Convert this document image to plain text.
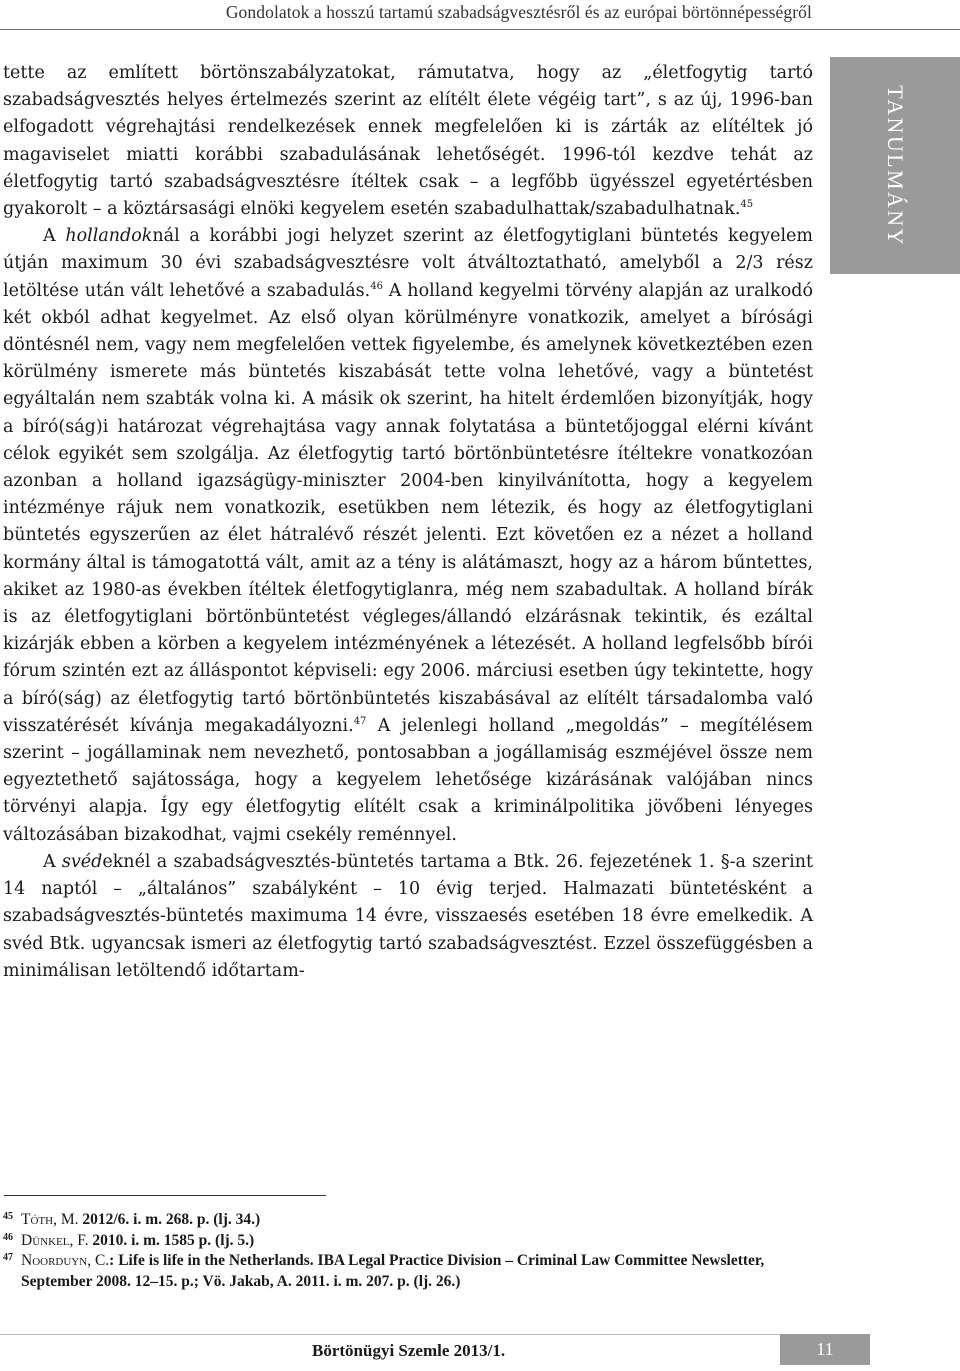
Gondolatok a hosszú tartamú szabadságvesztésről és az európai börtönnépességről
TANULMÁNY

tette az említett börtönszabályzatokat, rámutatva, hogy az „életfogytig tartó szabadságvesztés helyes értelmezés szerint az elítélt élete végéig tart”, s az új, 1996-ban elfogadott végrehajtási rendelkezések ennek megfelelően ki is zárták az elítéltek jó magaviselet miatti korábbi szabadulásának lehetőségét. 1996-tól kezdve tehát az életfogytig tartó szabadságvesztésre ítéltek csak – a legfőbb ügyésszel egyetértésben gyakorolt – a köztársasági elnöki kegyelem esetén szabadulhattak/szabadulhatnak.$^{45}$

A hollandoknál a korábbi jogi helyzet szerint az életfogytiglani büntetés kegyelem útján maximum 30 évi szabadságvesztésre volt átváltoztatható, amelyből a 2/3 rész letöltése után vált lehetővé a szabadulás.$^{46}$ A holland kegyelmi törvény alapján az uralkodó két okból adhat kegyelmet. Az első olyan körülményre vonatkozik, amelyet a bírósági döntésnél nem, vagy nem megfelelően vettek figyelembe, és amelynek következtében ezen körülmény ismerete más büntetés kiszabását tette volna lehetővé, vagy a büntetést egyáltalán nem szabták volna ki. A másik ok szerint, ha hitelt érdemlően bizonyítják, hogy a bíró(ság)i határozat végrehajtása vagy annak folytatása a büntetőjoggal elérni kívánt célok egyikét sem szolgálja. Az életfogytig tartó börtönbüntetésre ítéltekre vonatkozóan azonban a holland igazságügy-miniszter 2004-ben kinyilvánította, hogy a kegyelem intézménye rájuk nem vonatkozik, esetükben nem létezik, és hogy az életfogytiglani büntetés egyszerűen az élet hátralévő részét jelenti. Ezt követően ez a nézet a holland kormány által is támogatottá vált, amit az a tény is alátámaszt, hogy az a három bűntettes, akiket az 1980-as években ítéltek életfogytiglanra, még nem szabadultak. A holland bírák is az életfogytiglani börtönbüntetést végleges/állandó elzárásnak tekintik, és ezáltal kizárják ebben a körben a kegyelem intézményének a létezését. A holland legfelsőbb bírói fórum szintén ezt az álláspontot képviseli: egy 2006. márciusi esetben úgy tekintette, hogy a bíró(ság) az életfogytig tartó börtönbüntetés kiszabásával az elítélt társadalomba való visszatérését kívánja megakadályozni.$^{47}$ A jelenlegi holland „megoldás” – megítélésem szerint – jogállaminak nem nevezhető, pontosabban a jogállamiság eszméjével össze nem egyeztethető sajátossága, hogy a kegyelem lehetősége kizárásának valójában nincs törvényi alapja. Így egy életfogytig elítélt csak a kriminálpolitika jövőbeni lényeges változásában bizakodhat, vajmi csekély reménnyel.

A svédeknél a szabadságvesztés-büntetés tartama a Btk. 26. fejezetének 1. §-a szerint 14 naptól – „általános” szabályként – 10 évig terjed. Halmazati büntetésként a szabadságvesztés-büntetés maximuma 14 évre, visszaesés esetében 18 évre emelkedik. A svéd Btk. ugyancsak ismeri az életfogytig tartó szabadságvesztést. Ezzel összefüggésben a minimálisan letöltendő időtartam-

45 Tóth, M. 2012/6. i. m. 268. p. (lj. 34.)
46 Dünkel, F. 2010. i. m. 1585 p. (lj. 5.)
47 Noorduyn, C.: Life is life in the Netherlands. IBA Legal Practice Division – Criminal Law Committee Newsletter, September 2008. 12–15. p.; Vö. Jakab, A. 2011. i. m. 207. p. (lj. 26.)
Börtönügyi Szemle 2013/1.	11
